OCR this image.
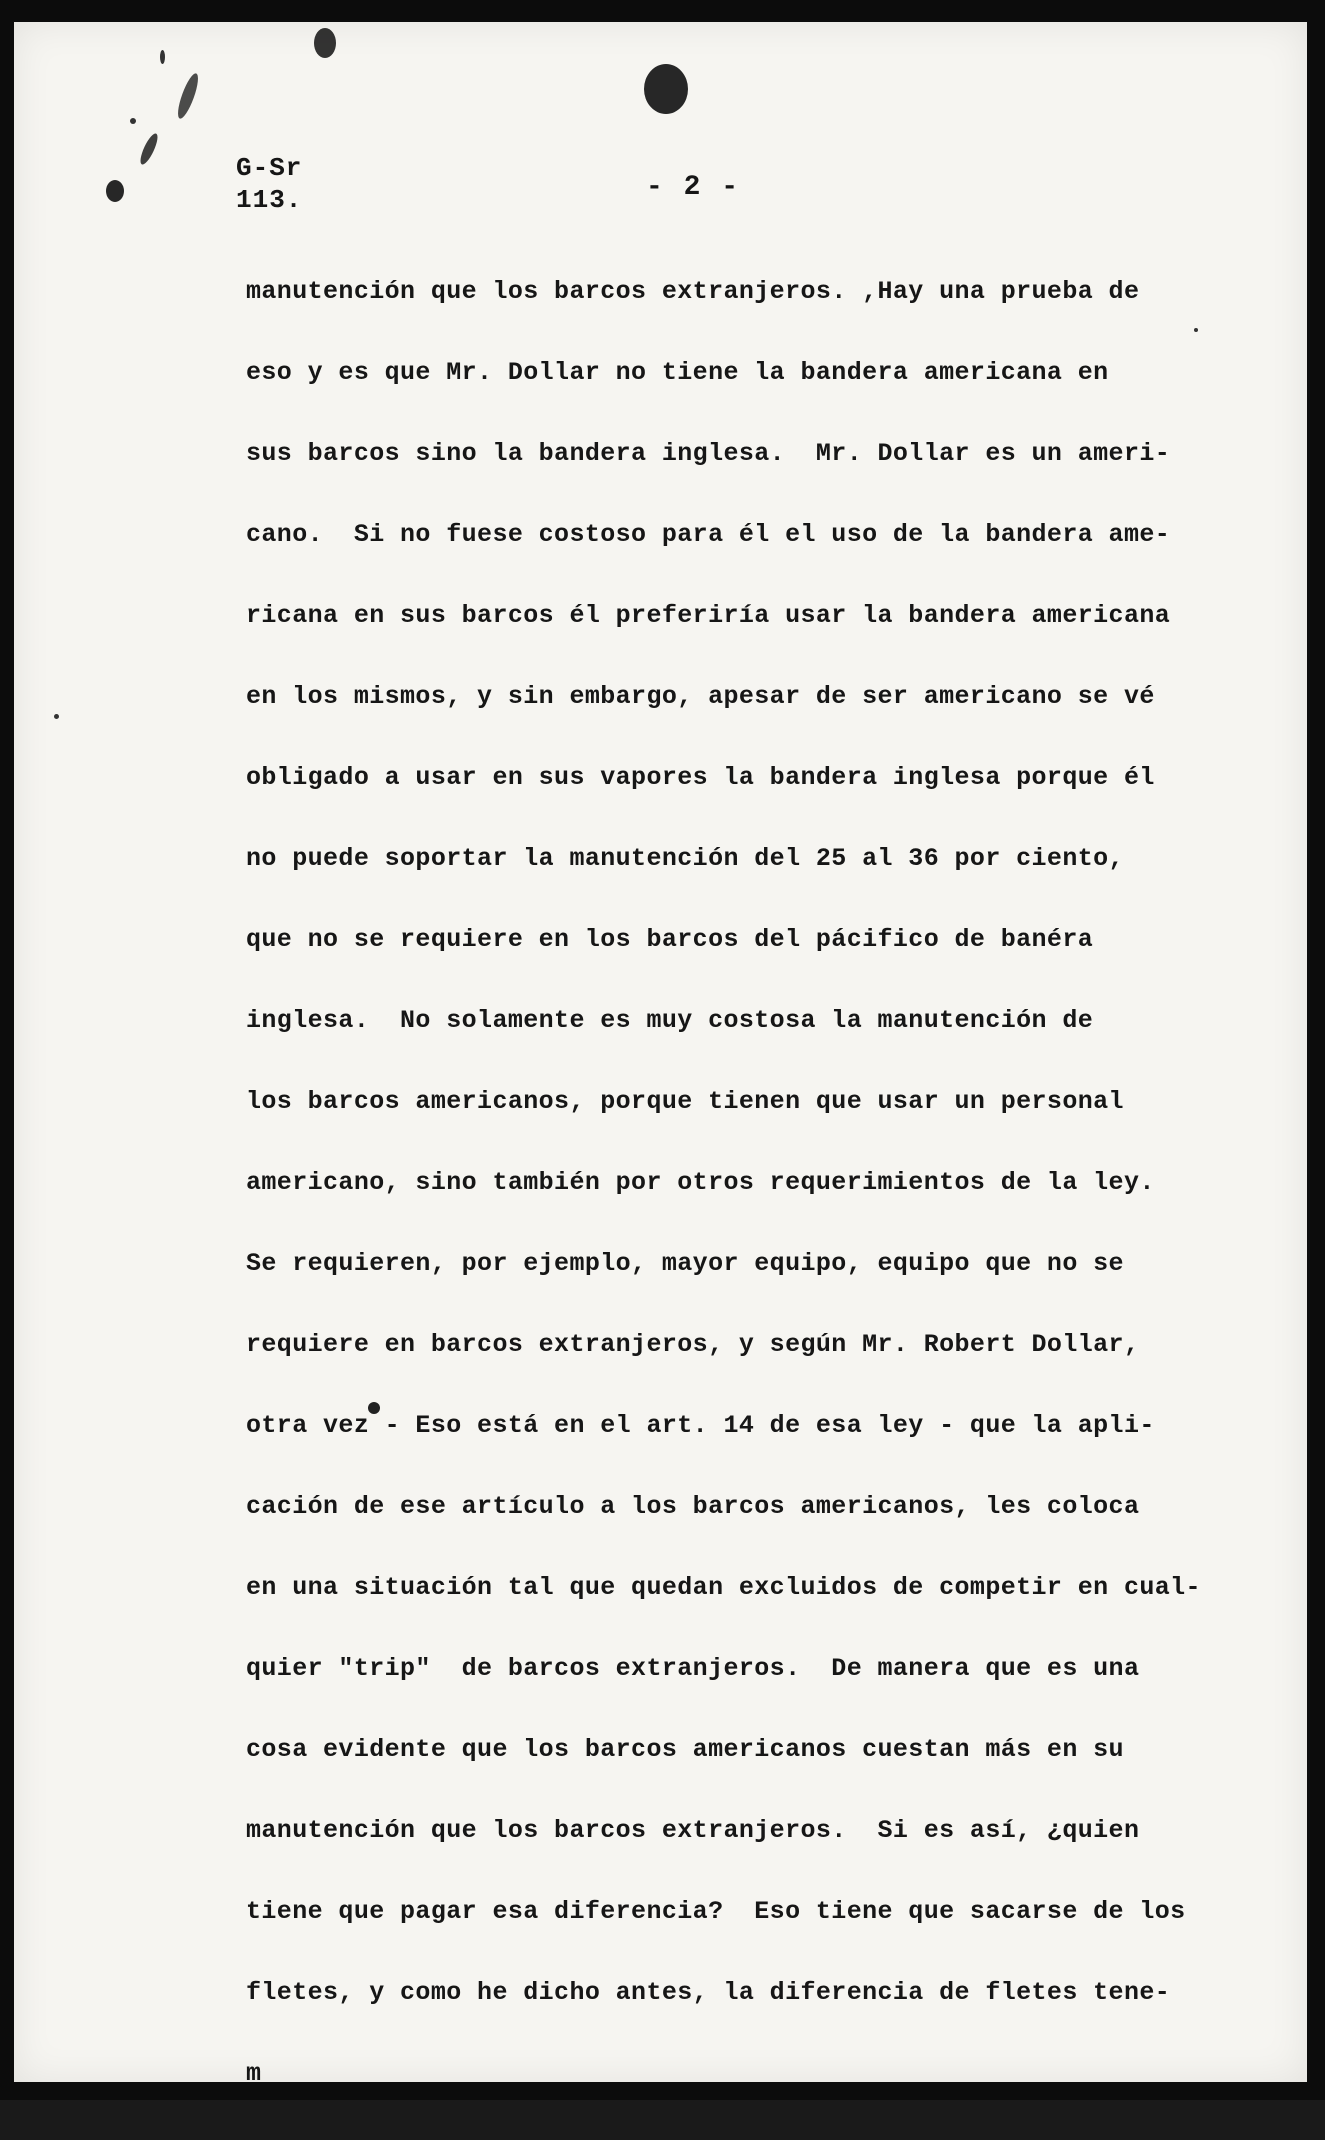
G-Sr
113.	- 2 -
manutención que los barcos extranjeros. ,Hay una prueba de
eso y es que Mr. Dollar no tiene la bandera americana en
sus barcos sino la bandera inglesa.  Mr. Dollar es un ameri-
cano.  Si no fuese costoso para él el uso de la bandera ame-
ricana en sus barcos él preferiría usar la bandera americana
en los mismos, y sin embargo, apesar de ser americano se vé
obligado a usar en sus vapores la bandera inglesa porque él
no puede soportar la manutención del 25 al 36 por ciento,
que no se requiere en los barcos del pácifico de banéra
inglesa.  No solamente es muy costosa la manutención de
los barcos americanos, porque tienen que usar un personal
americano, sino también por otros requerimientos de la ley.
Se requieren, por ejemplo, mayor equipo, equipo que no se
requiere en barcos extranjeros, y según Mr. Robert Dollar,
otra vez - Eso está en el art. 14 de esa ley - que la apli-
cación de ese artículo a los barcos americanos, les coloca
en una situación tal que quedan excluidos de competir en cual-
quier "trip"  de barcos extranjeros.  De manera que es una
cosa evidente que los barcos americanos cuestan más en su
manutención que los barcos extranjeros.  Si es así, ¿quien
tiene que pagar esa diferencia?  Eso tiene que sacarse de los
fletes, y como he dicho antes, la diferencia de fletes tene-
m
